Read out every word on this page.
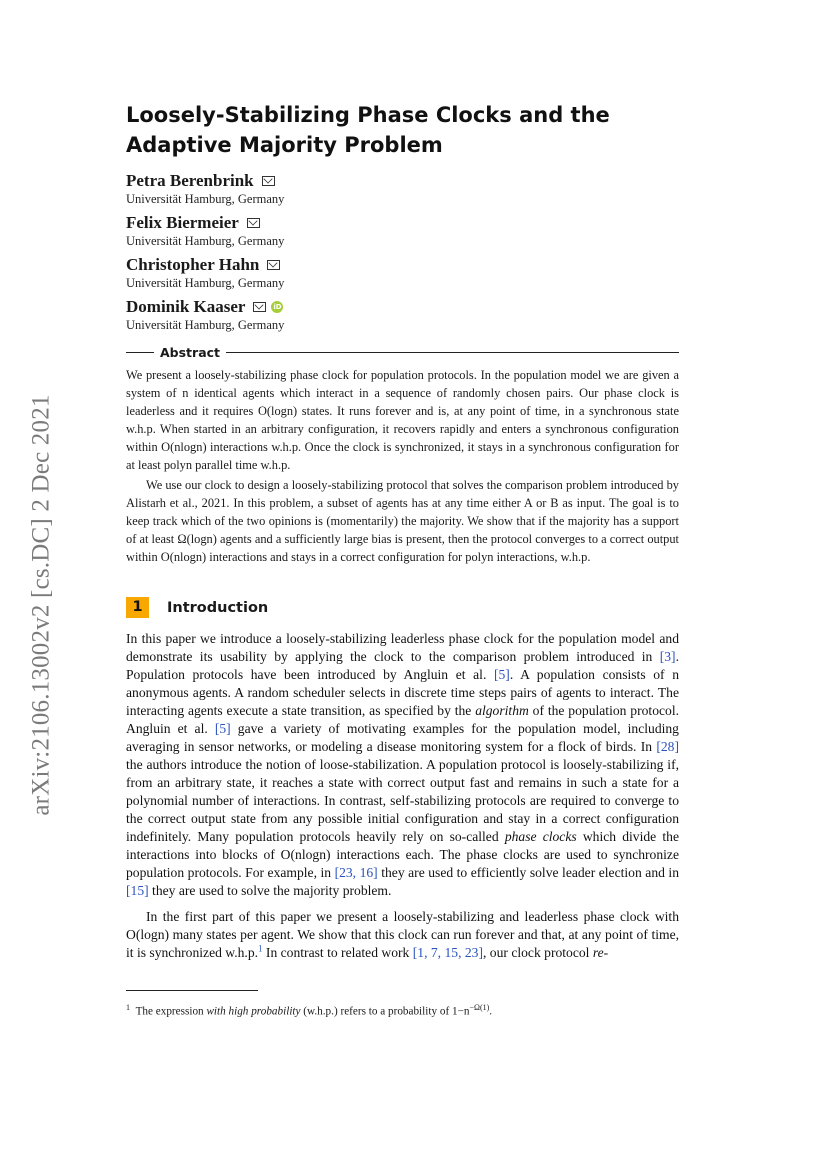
arXiv:2106.13002v2 [cs.DC] 2 Dec 2021
Loosely-Stabilizing Phase Clocks and the Adaptive Majority Problem
Petra Berenbrink
Universität Hamburg, Germany
Felix Biermeier
Universität Hamburg, Germany
Christopher Hahn
Universität Hamburg, Germany
Dominik Kaaser	iD
Universität Hamburg, Germany
Abstract

We present a loosely-stabilizing phase clock for population protocols. In the population model we are given a system of n identical agents which interact in a sequence of randomly chosen pairs. Our phase clock is leaderless and it requires O(logn) states. It runs forever and is, at any point of time, in a synchronous state w.h.p. When started in an arbitrary configuration, it recovers rapidly and enters a synchronous configuration within O(nlogn) interactions w.h.p. Once the clock is synchronized, it stays in a synchronous configuration for at least polyn parallel time w.h.p.

We use our clock to design a loosely-stabilizing protocol that solves the comparison problem introduced by Alistarh et al., 2021. In this problem, a subset of agents has at any time either A or B as input. The goal is to keep track which of the two opinions is (momentarily) the majority. We show that if the majority has a support of at least Ω(logn) agents and a sufficiently large bias is present, then the protocol converges to a correct output within O(nlogn) interactions and stays in a correct configuration for polyn interactions, w.h.p.

1	Introduction

In this paper we introduce a loosely-stabilizing leaderless phase clock for the population model and demonstrate its usability by applying the clock to the comparison problem introduced in [3]. Population protocols have been introduced by Angluin et al. [5]. A population consists of n anonymous agents. A random scheduler selects in discrete time steps pairs of agents to interact. The interacting agents execute a state transition, as specified by the algorithm of the population protocol. Angluin et al. [5] gave a variety of motivating examples for the population model, including averaging in sensor networks, or modeling a disease monitoring system for a flock of birds. In [28] the authors introduce the notion of loose-stabilization. A population protocol is loosely-stabilizing if, from an arbitrary state, it reaches a state with correct output fast and remains in such a state for a polynomial number of interactions. In contrast, self-stabilizing protocols are required to converge to the correct output state from any possible initial configuration and stay in a correct configuration indefinitely. Many population protocols heavily rely on so-called phase clocks which divide the interactions into blocks of O(nlogn) interactions each. The phase clocks are used to synchronize population protocols. For example, in [23, 16] they are used to efficiently solve leader election and in [15] they are used to solve the majority problem.

In the first part of this paper we present a loosely-stabilizing and leaderless phase clock with O(logn) many states per agent. We show that this clock can run forever and that, at any point of time, it is synchronized w.h.p.$^1$ In contrast to related work [1, 7, 15, 23], our clock protocol re-

$^1$ The expression with high probability (w.h.p.) refers to a probability of $1-n^{-\Omega(1)}$.
